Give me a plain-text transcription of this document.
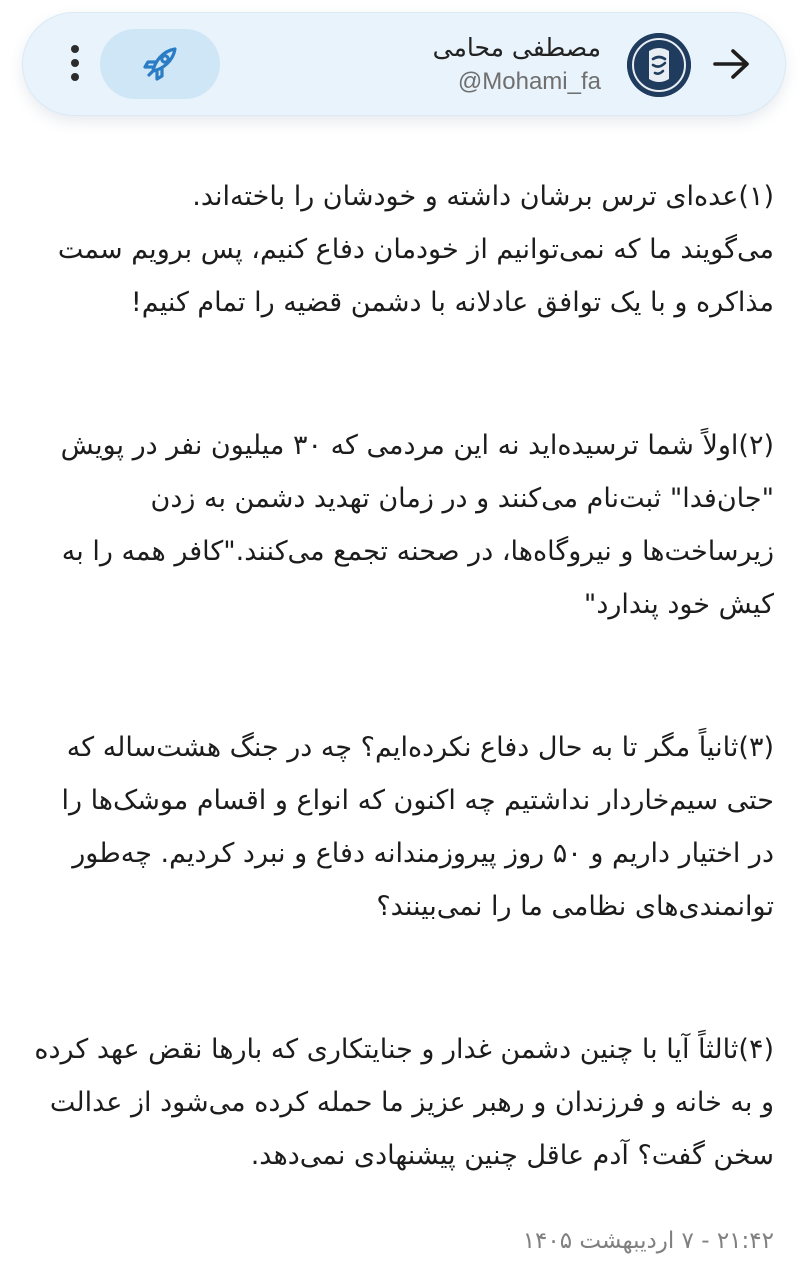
مصطفی محامی
@Mohami_fa

(۱)عده‌ای ترس برشان داشته و خودشان را باخته‌اند.
می‌گویند ما که نمی‌توانیم از خودمان دفاع کنیم، پس برویم سمت مذاکره و با یک توافق عادلانه با دشمن قضیه را تمام کنیم!

(۲)اولاً شما ترسیده‌اید نه این مردمی که ۳۰ میلیون نفر در پویش "جان‌فدا" ثبت‌نام می‌کنند و در زمان تهدید دشمن به زدن زیرساخت‌ها و نیروگاه‌ها، در صحنه تجمع می‌کنند."کافر همه را به کیش خود پندارد"

(۳)ثانیاً مگر تا به حال دفاع نکرده‌ایم؟ چه در جنگ هشت‌ساله که حتی سیم‌خاردار نداشتیم چه اکنون که انواع و اقسام موشک‌ها را در اختیار داریم و ۵۰ روز پیروزمندانه دفاع و نبرد کردیم. چه‌طور توانمندی‌های نظامی ما را نمی‌بینند؟

(۴)ثالثاً آیا با چنین دشمن غدار و جنایتکاری که بارها نقض عهد کرده و به خانه و فرزندان و رهبر عزیز ما حمله کرده می‌شود از عدالت سخن گفت؟ آدم عاقل چنین پیشنهادی نمی‌دهد.

۲۱:۴۲ - ۷ اردیبهشت ۱۴۰۵
